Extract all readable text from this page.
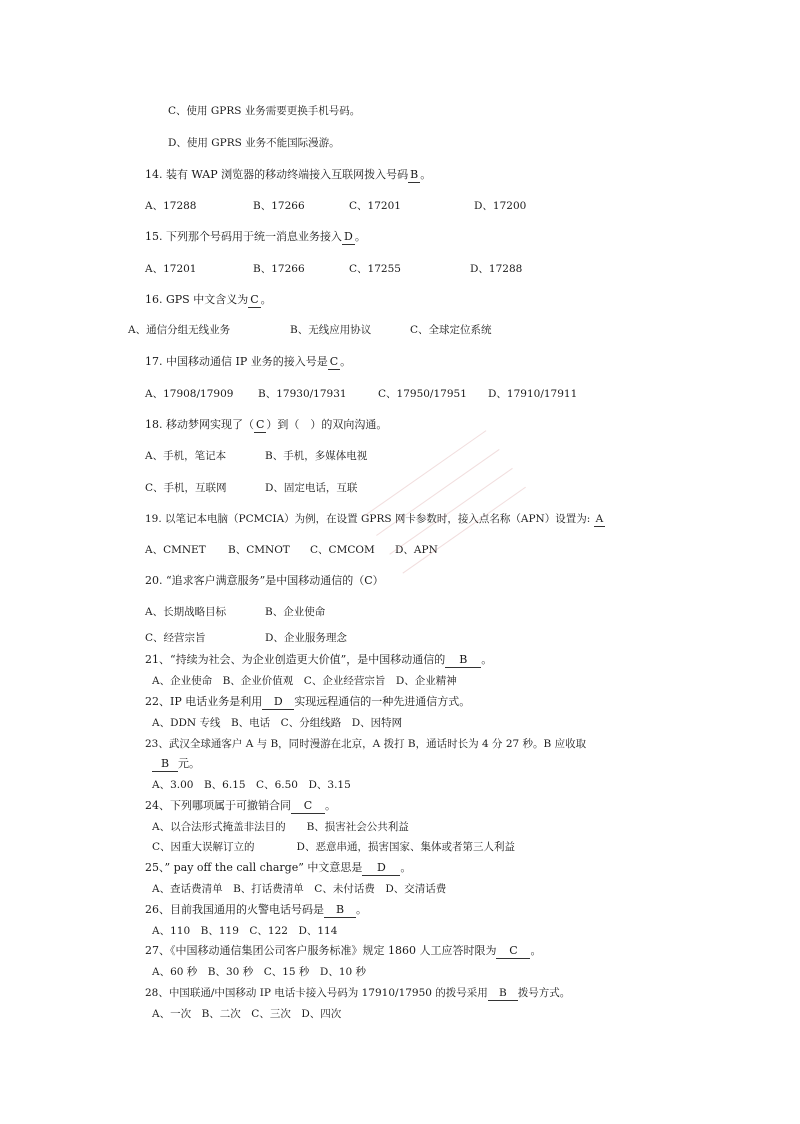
C、使用 GPRS 业务需要更换手机号码。
D、使用 GPRS 业务不能国际漫游。
14. 装有 WAP 浏览器的移动终端接入互联网拨入号码 B 。
A、17288	B、17266	C、17201	D、17200
15. 下列那个号码用于统一消息业务接入 D 。
A、17201	B、17266	C、17255	D、17288
16. GPS 中文含义为 C 。
A、通信分组无线业务	B、无线应用协议	C、全球定位系统
17. 中国移动通信 IP 业务的接入号是 C 。
A、17908/17909 B、17930/17931	C、17950/17951 D、17910/17911
18. 移动梦网实现了（ C ）到（　）的双向沟通。
A、手机，笔记本	B、手机，多媒体电视
C、手机，互联网	D、固定电话，互联
19. 以笔记本电脑（PCMCIA）为例，在设置 GPRS 网卡参数时，接入点名称（APN）设置为: A
A、CMNET B、CMNOT C、CMCOM D、APN
20. “追求客户满意服务”是中国移动通信的（C）
A、长期战略目标	B、企业使命
C、经营宗旨	D、企业服务理念
21、“持续为社会、为企业创造更大价值”，是中国移动通信的 B 。
A、企业使命　B、企业价值观　C、企业经营宗旨　D、企业精神
22、IP 电话业务是利用 D 实现远程通信的一种先进通信方式。
A、DDN 专线　B、电话　C、分组线路　D、因特网
23、武汉全球通客户 A 与 B，同时漫游在北京，A 拨打 B，通话时长为 4 分 27 秒。B 应收取
B 元。
A、3.00　B、6.15　C、6.50　D、3.15
24、下列哪项属于可撤销合同 C 。
A、以合法形式掩盖非法目的　　B、损害社会公共利益
C、因重大误解订立的　　　　D、恶意串通，损害国家、集体或者第三人利益
25、” pay off the call charge” 中文意思是 D 。
A、查话费清单　B、打话费清单　C、未付话费　D、交清话费
26、目前我国通用的火警电话号码是 B 。
A、110　B、119　C、122　D、114
27、《中国移动通信集团公司客户服务标准》规定 1860 人工应答时限为 C 。
A、60 秒　B、30 秒　C、15 秒　D、10 秒
28、中国联通/中国移动 IP 电话卡接入号码为 17910/17950 的拨号采用 B 拨号方式。
A、一次　B、二次　C、三次　D、四次
